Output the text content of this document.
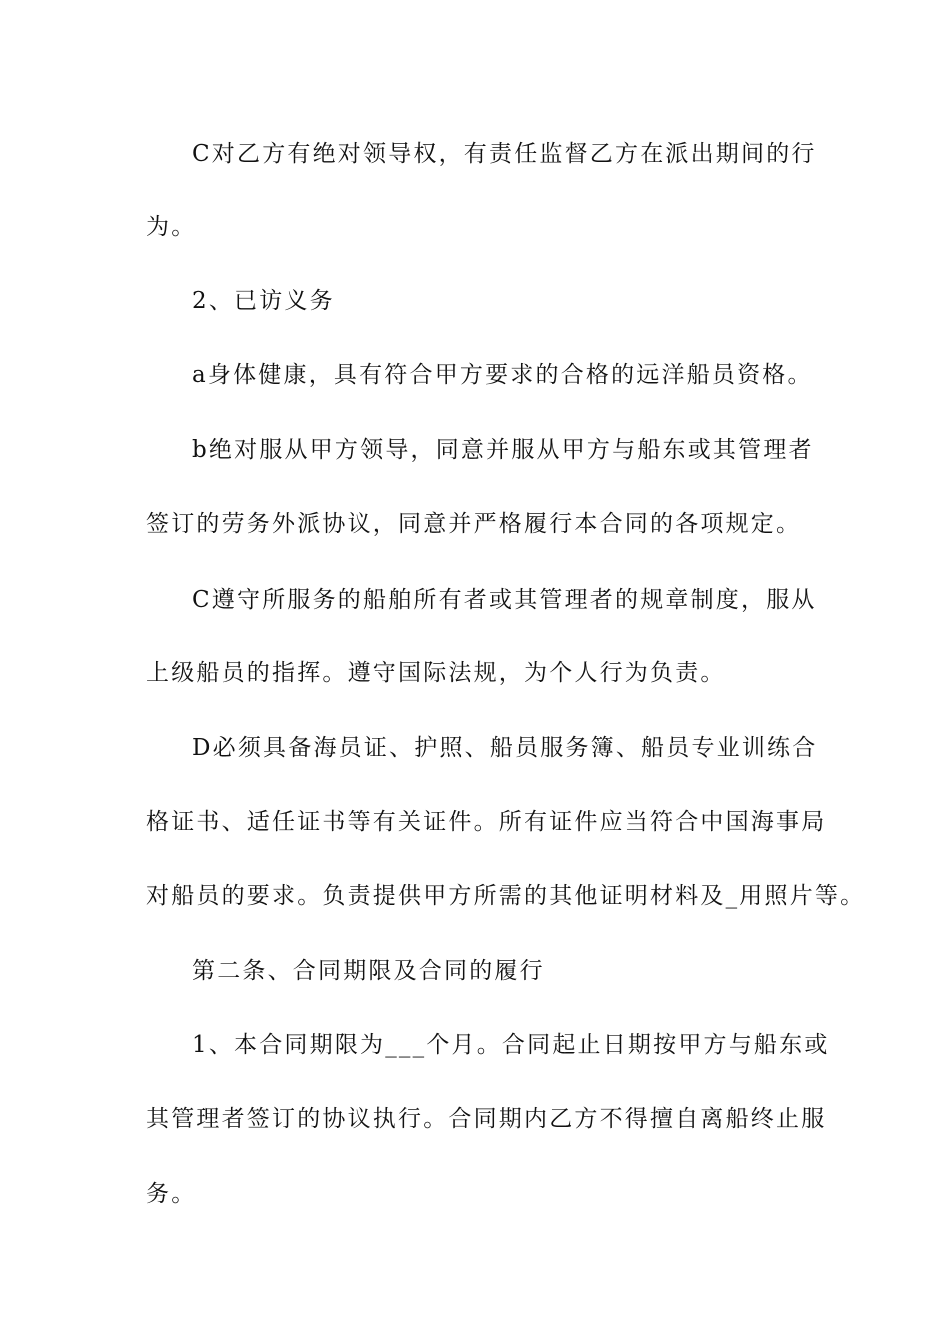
C对乙方有绝对领导权，有责任监督乙方在派出期间的行
为。
2、已访义务
a身体健康，具有符合甲方要求的合格的远洋船员资格。
b绝对服从甲方领导，同意并服从甲方与船东或其管理者
签订的劳务外派协议，同意并严格履行本合同的各项规定。
C遵守所服务的船舶所有者或其管理者的规章制度，服从
上级船员的指挥。遵守国际法规，为个人行为负责。
D必须具备海员证、护照、船员服务簿、船员专业训练合
格证书、适任证书等有关证件。所有证件应当符合中国海事局
对船员的要求。负责提供甲方所需的其他证明材料及_用照片等。
第二条、合同期限及合同的履行
1、本合同期限为___个月。合同起止日期按甲方与船东或
其管理者签订的协议执行。合同期内乙方不得擅自离船终止服
务。
